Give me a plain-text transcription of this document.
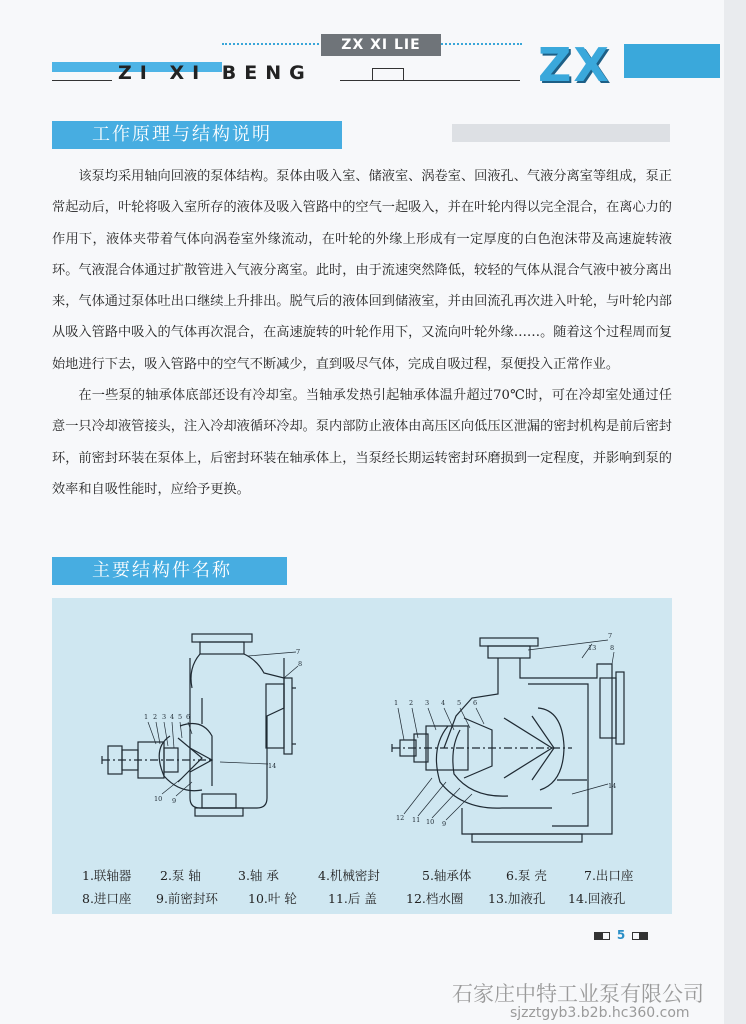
ZX XI LIE
ZI XI BENG	ZX
工作原理与结构说明

该泵均采用轴向回液的泵体结构。泵体由吸入室、储液室、涡卷室、回液孔、气液分离室等组成，泵正常起动后，叶轮将吸入室所存的液体及吸入管路中的空气一起吸入，并在叶轮内得以完全混合，在离心力的作用下，液体夹带着气体向涡卷室外缘流动，在叶轮的外缘上形成有一定厚度的白色泡沫带及高速旋转液环。气液混合体通过扩散管进入气液分离室。此时，由于流速突然降低，较轻的气体从混合气液中被分离出来，气体通过泵体吐出口继续上升排出。脱气后的液体回到储液室，并由回流孔再次进入叶轮，与叶轮内部从吸入管路中吸入的气体再次混合，在高速旋转的叶轮作用下，又流向叶轮外缘……。随着这个过程周而复始地进行下去，吸入管路中的空气不断减少，直到吸尽气体，完成自吸过程，泵便投入正常作业。

在一些泵的轴承体底部还设有冷却室。当轴承发热引起轴承体温升超过70℃时，可在冷却室处通过任意一只冷却液管接头，注入冷却液循环冷却。泵内部防止液体由高压区向低压区泄漏的密封机构是前后密封环，前密封环装在泵体上，后密封环装在轴承体上，当泵经长期运转密封环磨损到一定程度，并影响到泵的效率和自吸性能时，应给予更换。

主要结构件名称
1 2 3 4 5 6
7
8
14
10 9
1 2 3 4 5 6
7
13 8
12 11 10 9
14
1.联轴器	2.泵 轴	3.轴 承	4.机械密封	5.轴承体	6.泵 壳	7.出口座
8.进口座	9.前密封环	10.叶 轮	11.后 盖	12.档水圈	13.加液孔	14.回液孔
5
石家庄中特工业泵有限公司
sjzztgyb3.b2b.hc360.com
